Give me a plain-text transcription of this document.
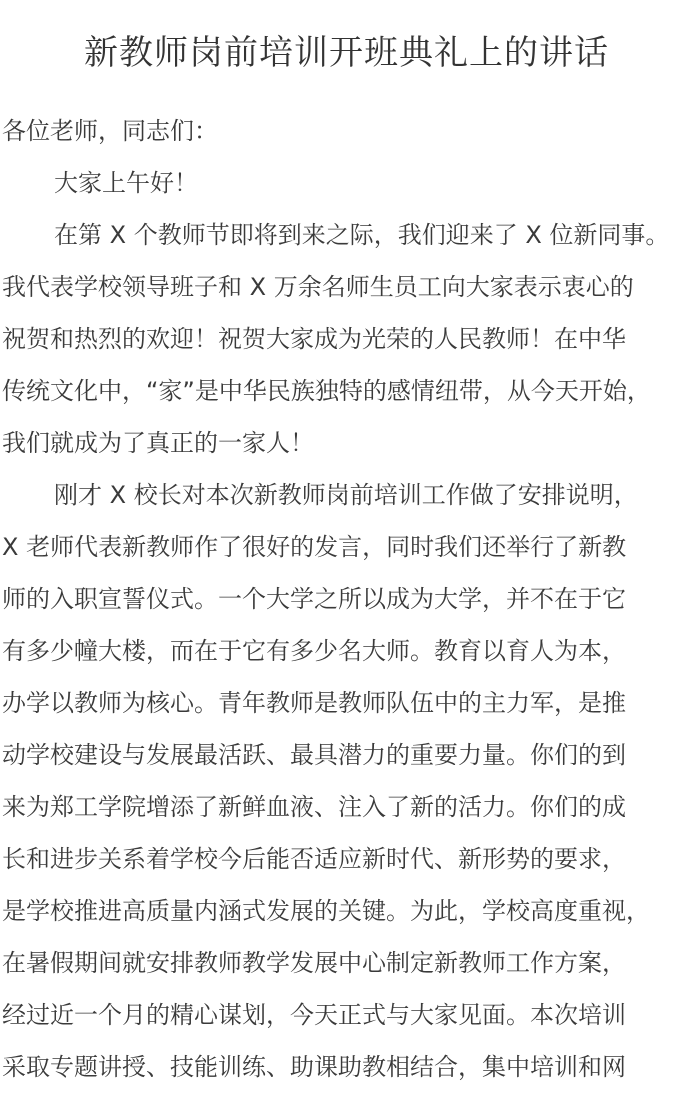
新教师岗前培训开班典礼上的讲话
各位老师，同志们：
大家上午好！
在第 X 个教师节即将到来之际，我们迎来了 X 位新同事。
我代表学校领导班子和 X 万余名师生员工向大家表示衷心的
祝贺和热烈的欢迎！祝贺大家成为光荣的人民教师！在中华
传统文化中，“家”是中华民族独特的感情纽带，从今天开始，
我们就成为了真正的一家人！
刚才 X 校长对本次新教师岗前培训工作做了安排说明，
X 老师代表新教师作了很好的发言，同时我们还举行了新教
师的入职宣誓仪式。一个大学之所以成为大学，并不在于它
有多少幢大楼，而在于它有多少名大师。教育以育人为本，
办学以教师为核心。青年教师是教师队伍中的主力军，是推
动学校建设与发展最活跃、最具潜力的重要力量。你们的到
来为郑工学院增添了新鲜血液、注入了新的活力。你们的成
长和进步关系着学校今后能否适应新时代、新形势的要求，
是学校推进高质量内涵式发展的关键。为此，学校高度重视，
在暑假期间就安排教师教学发展中心制定新教师工作方案，
经过近一个月的精心谋划，今天正式与大家见面。本次培训
采取专题讲授、技能训练、助课助教相结合，集中培训和网
